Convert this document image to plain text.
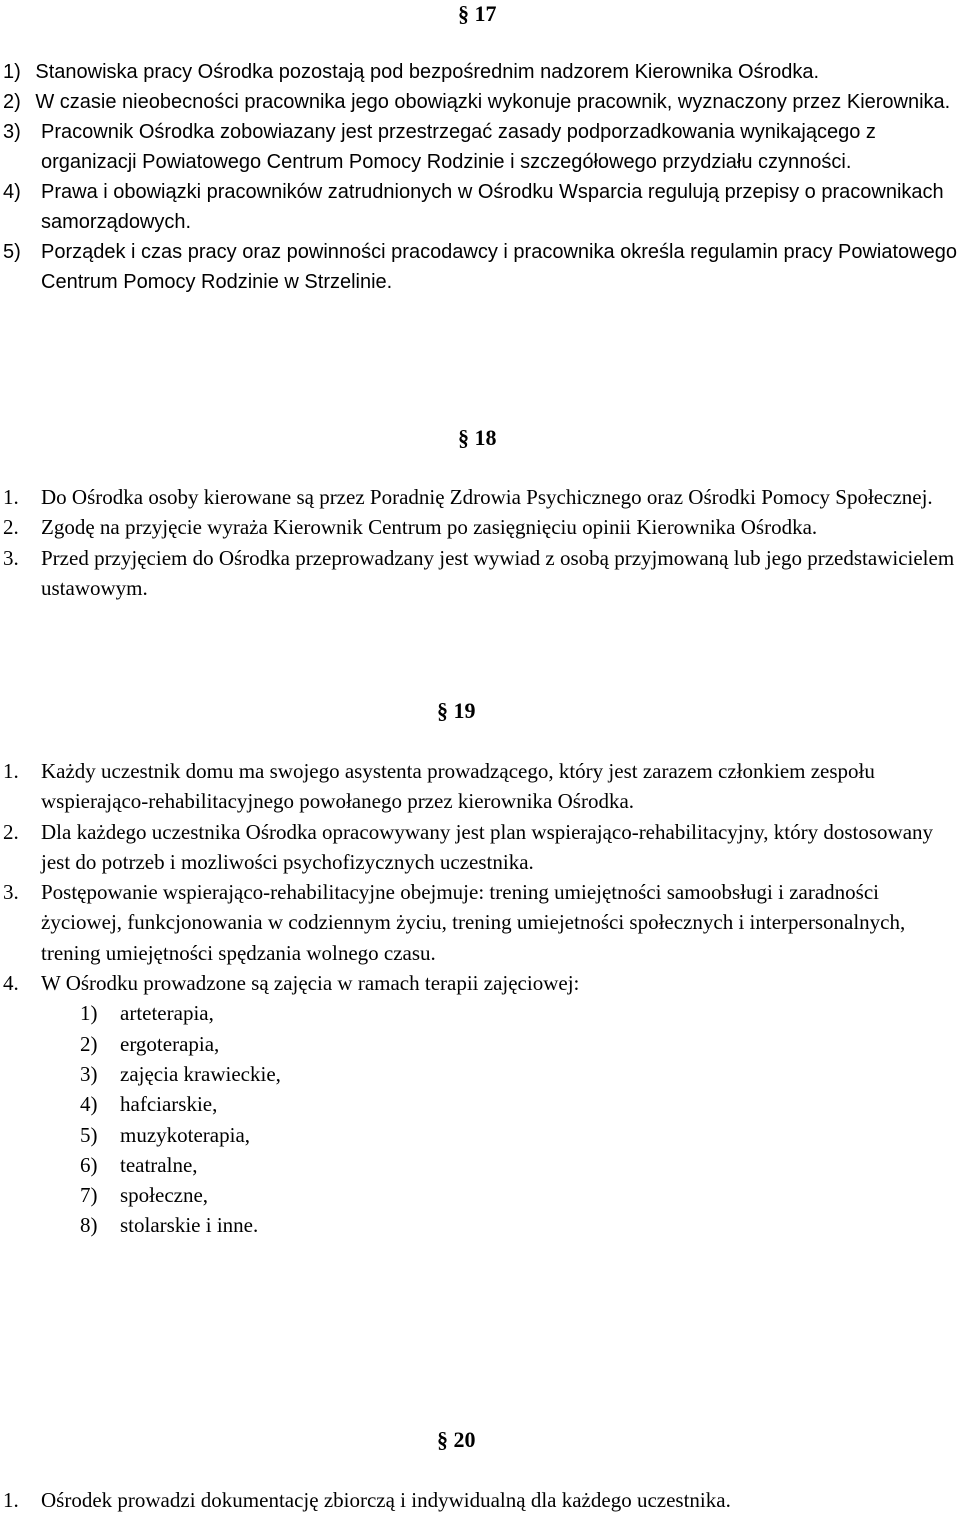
§ 17

1) Stanowiska pracy Ośrodka pozostają pod bezpośrednim nadzorem Kierownika Ośrodka.

2) W czasie nieobecności pracownika jego obowiązki wykonuje pracownik, wyznaczony przez Kierownika.

3) Pracownik Ośrodka zobowiazany jest przestrzegać zasady podporzadkowania wynikającego z organizacji Powiatowego Centrum Pomocy Rodzinie i szczegółowego przydziału czynności.

4) Prawa i obowiązki pracowników zatrudnionych w Ośrodku Wsparcia regulują przepisy o pracownikach samorządowych.

5) Porządek i czas pracy oraz powinności pracodawcy i pracownika określa regulamin pracy Powiatowego Centrum Pomocy Rodzinie w Strzelinie.

§ 18

1. Do Ośrodka osoby kierowane są przez Poradnię Zdrowia Psychicznego oraz Ośrodki Pomocy Społecznej.

2. Zgodę na przyjęcie wyraża Kierownik Centrum po zasięgnięciu opinii Kierownika Ośrodka.

3. Przed przyjęciem do Ośrodka przeprowadzany jest wywiad z osobą przyjmowaną lub jego przedstawicielem ustawowym.

§ 19

1. Każdy uczestnik domu ma swojego asystenta prowadzącego, który jest zarazem członkiem zespołu wspierająco-rehabilitacyjnego powołanego przez kierownika Ośrodka.

2. Dla każdego uczestnika Ośrodka opracowywany jest plan wspierająco-rehabilitacyjny, który dostosowany jest do potrzeb i mozliwości psychofizycznych uczestnika.

3. Postępowanie wspierająco-rehabilitacyjne obejmuje: trening umiejętności samoobsługi i zaradności życiowej, funkcjonowania w codziennym życiu, trening umiejetności społecznych i interpersonalnych, trening umiejętności spędzania wolnego czasu.

4. W Ośrodku prowadzone są zajęcia w ramach terapii zajęciowej:

1) arteterapia,
2) ergoterapia,
3) zajęcia krawieckie,
4) hafciarskie,
5) muzykoterapia,
6) teatralne,
7) społeczne,
8) stolarskie i inne.
§ 20

1. Ośrodek prowadzi dokumentację zbiorczą i indywidualną dla każdego uczestnika.
